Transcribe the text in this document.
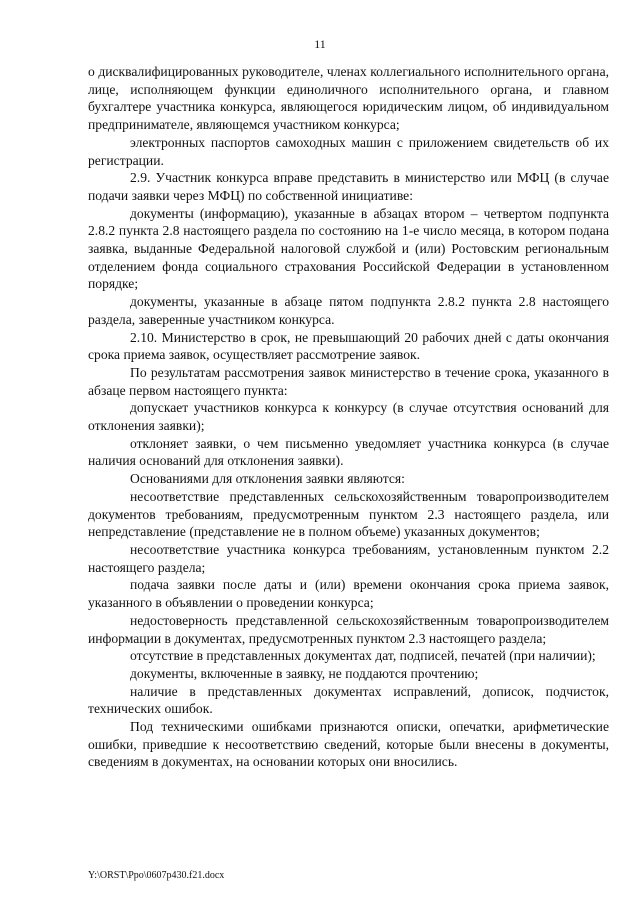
11

о дисквалифицированных руководителе, членах коллегиального исполнительного органа, лице, исполняющем функции единоличного исполнительного органа, и главном бухгалтере участника конкурса, являющегося юридическим лицом, об индивидуальном предпринимателе, являющемся участником конкурса;

электронных паспортов самоходных машин с приложением свидетельств об их регистрации.

2.9. Участник конкурса вправе представить в министерство или МФЦ (в случае подачи заявки через МФЦ) по собственной инициативе:

документы (информацию), указанные в абзацах втором – четвертом подпункта 2.8.2 пункта 2.8 настоящего раздела по состоянию на 1-е число месяца, в котором подана заявка, выданные Федеральной налоговой службой и (или) Ростовским региональным отделением фонда социального страхования Российской Федерации в установленном порядке;

документы, указанные в абзаце пятом подпункта 2.8.2 пункта 2.8 настоящего раздела, заверенные участником конкурса.

2.10. Министерство в срок, не превышающий 20 рабочих дней с даты окончания срока приема заявок, осуществляет рассмотрение заявок.

По результатам рассмотрения заявок министерство в течение срока, указанного в абзаце первом настоящего пункта:

допускает участников конкурса к конкурсу (в случае отсутствия оснований для отклонения заявки);

отклоняет заявки, о чем письменно уведомляет участника конкурса (в случае наличия оснований для отклонения заявки).

Основаниями для отклонения заявки являются:

несоответствие представленных сельскохозяйственным товаропроизводителем документов требованиям, предусмотренным пунктом 2.3 настоящего раздела, или непредставление (представление не в полном объеме) указанных документов;

несоответствие участника конкурса требованиям, установленным пунктом 2.2 настоящего раздела;

подача заявки после даты и (или) времени окончания срока приема заявок, указанного в объявлении о проведении конкурса;

недостоверность представленной сельскохозяйственным товаропроизводителем информации в документах, предусмотренных пунктом 2.3 настоящего раздела;

отсутствие в представленных документах дат, подписей, печатей (при наличии);

документы, включенные в заявку, не поддаются прочтению;

наличие в представленных документах исправлений, дописок, подчисток, технических ошибок.

Под техническими ошибками признаются описки, опечатки, арифметические ошибки, приведшие к несоответствию сведений, которые были внесены в документы, сведениям в документах, на основании которых они вносились.

Y:\ORST\Ppo\0607p430.f21.docx
